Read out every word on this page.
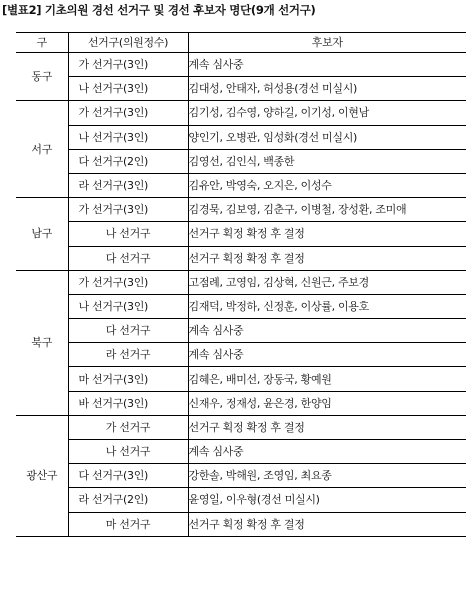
[별표2] 기초의원 경선 선거구 및 경선 후보자 명단(9개 선거구)
구	선거구(의원정수)	후보자
동구	가 선거구(3인)	계속 심사중
	나 선거구(3인)	김대성, 안태자, 허성용(경선 미실시)
서구	가 선거구(3인)	김기성, 김수영, 양하길, 이기성, 이현남
	나 선거구(3인)	양인기, 오병관, 임성화(경선 미실시)
	다 선거구(2인)	김영선, 김인식, 백종한
	라 선거구(3인)	김유안, 박영숙, 오지은, 이성수
남구	가 선거구(3인)	김경묵, 김보영, 김춘구, 이병철, 장성환, 조미애
	나 선거구	선거구 획정 확정 후 결정
	다 선거구	선거구 획정 확정 후 결정
북구	가 선거구(3인)	고점례, 고영임, 김상혁, 신원근, 주보경
	나 선거구(3인)	김재덕, 박정하, 신정훈, 이상률, 이용호
	다 선거구	계속 심사중
	라 선거구	계속 심사중
	마 선거구(3인)	김혜은, 배미선, 장동국, 황예원
	바 선거구(3인)	신재우, 정재성, 윤은경, 한양임
광산구	가 선거구	선거구 획정 확정 후 결정
	나 선거구	계속 심사중
	다 선거구(3인)	강한솔, 박해원, 조영임, 최요종
	라 선거구(2인)	윤영일, 이우형(경선 미실시)
	마 선거구	선거구 획정 확정 후 결정
